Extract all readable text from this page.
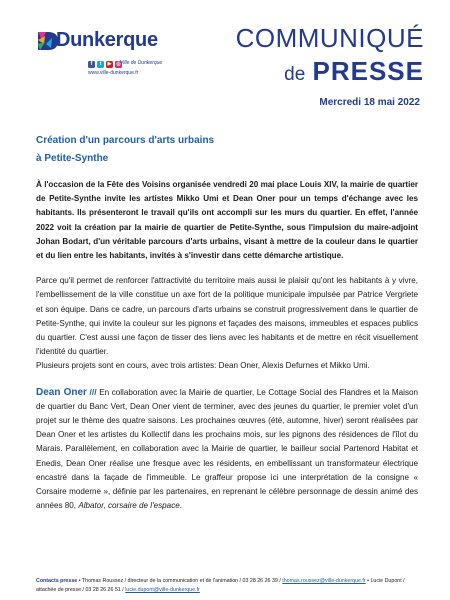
Dunkerque
f	t	▶ ◎ Ville de Dunkerque
www.ville-dunkerque.fr
COMMUNIQUÉ
de PRESSE
Mercredi 18 mai 2022
Création d'un parcours d'arts urbains
à Petite-Synthe

À l'occasion de la Fête des Voisins organisée vendredi 20 mai place Louis XIV, la mairie de quartier de Petite-Synthe invite les artistes Mikko Umi et Dean Oner pour un temps d'échange avec les habitants. Ils présenteront le travail qu'ils ont accompli sur les murs du quartier. En effet, l'année 2022 voit la création par la mairie de quartier de Petite-Synthe, sous l'impulsion du maire-adjoint Johan Bodart, d'un véritable parcours d'arts urbains, visant à mettre de la couleur dans le quartier et du lien entre les habitants, invités à s'investir dans cette démarche artistique.

Parce qu'il permet de renforcer l'attractivité du territoire mais aussi le plaisir qu'ont les habitants à y vivre, l'embellissement de la ville constitue un axe fort de la politique municipale impulsée par Patrice Vergriete et son équipe. Dans ce cadre, un parcours d'arts urbains se construit progressivement dans le quartier de Petite-Synthe, qui invite la couleur sur les pignons et façades des maisons, immeubles et espaces publics du quartier. C'est aussi une façon de tisser des liens avec les habitants et de mettre en récit visuellement l'identité du quartier.

Plusieurs projets sont en cours, avec trois artistes: Dean Oner, Alexis Defurnes et Mikko Umi.

Dean Oner /// En collaboration avec la Mairie de quartier, Le Cottage Social des Flandres et la Maison de quartier du Banc Vert, Dean Oner vient de terminer, avec des jeunes du quartier, le premier volet d'un projet sur le thème des quatre saisons. Les prochaines œuvres (été, automne, hiver) seront réalisées par Dean Oner et les artistes du Kollectif dans les prochains mois, sur les pignons des résidences de l'îlot du Marais. Parallèlement, en collaboration avec la Mairie de quartier, le bailleur social Partenord Habitat et Enedis, Dean Oner réalise une fresque avec les résidents, en embellissant un transformateur électrique encastré dans la façade de l'immeuble. Le graffeur propose ici une interprétation de la consigne « Corsaire moderne », définie par les partenaires, en reprenant le célèbre personnage de dessin animé des années 80, Albator, corsaire de l'espace.

Contacts presse • Thomas Roussez / directeur de la communication et de l'animation / 03 28 26 26 39 / thomas.roussez@ville-dunkerque.fr • Lucie Dupont / attachée de presse / 03 28 26 26 51 / lucie.dupont@ville-dunkerque.fr
